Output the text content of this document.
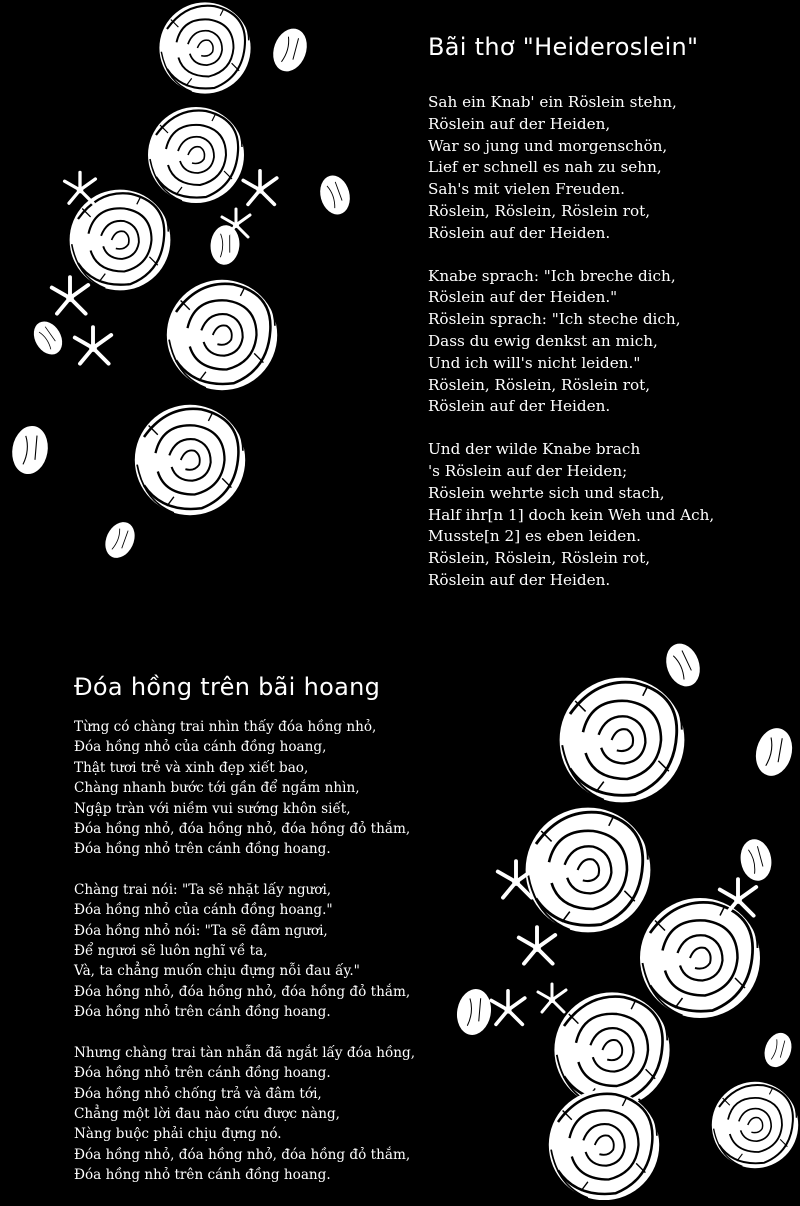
Bãi thơ "Heideroslein"
Sah ein Knab' ein Röslein stehn,
Röslein auf der Heiden,
War so jung und morgenschön,
Lief er schnell es nah zu sehn,
Sah's mit vielen Freuden.
Röslein, Röslein, Röslein rot,
Röslein auf der Heiden.
Knabe sprach: "Ich breche dich,
Röslein auf der Heiden."
Röslein sprach: "Ich steche dich,
Dass du ewig denkst an mich,
Und ich will's nicht leiden."
Röslein, Röslein, Röslein rot,
Röslein auf der Heiden.
Und der wilde Knabe brach
's Röslein auf der Heiden;
Röslein wehrte sich und stach,
Half ihr[n 1] doch kein Weh und Ach,
Musste[n 2] es eben leiden.
Röslein, Röslein, Röslein rot,
Röslein auf der Heiden.
Đóa hồng trên bãi hoang
Từng có chàng trai nhìn thấy đóa hồng nhỏ,
Đóa hồng nhỏ của cánh đồng hoang,
Thật tươi trẻ và xinh đẹp xiết bao,
Chàng nhanh bước tới gần để ngắm nhìn,
Ngập tràn với niềm vui sướng khôn siết,
Đóa hồng nhỏ, đóa hồng nhỏ, đóa hồng đỏ thắm,
Đóa hồng nhỏ trên cánh đồng hoang.
Chàng trai nói: "Ta sẽ nhặt lấy ngươi,
Đóa hồng nhỏ của cánh đồng hoang."
Đóa hồng nhỏ nói: "Ta sẽ đâm ngươi,
Để ngươi sẽ luôn nghĩ về ta,
Và, ta chẳng muốn chịu đựng nỗi đau ấy."
Đóa hồng nhỏ, đóa hồng nhỏ, đóa hồng đỏ thắm,
Đóa hồng nhỏ trên cánh đồng hoang.
Nhưng chàng trai tàn nhẫn đã ngắt lấy đóa hồng,
Đóa hồng nhỏ trên cánh đồng hoang.
Đóa hồng nhỏ chống trả và đâm tới,
Chẳng một lời đau nào cứu được nàng,
Nàng buộc phải chịu đựng nó.
Đóa hồng nhỏ, đóa hồng nhỏ, đóa hồng đỏ thắm,
Đóa hồng nhỏ trên cánh đồng hoang.
